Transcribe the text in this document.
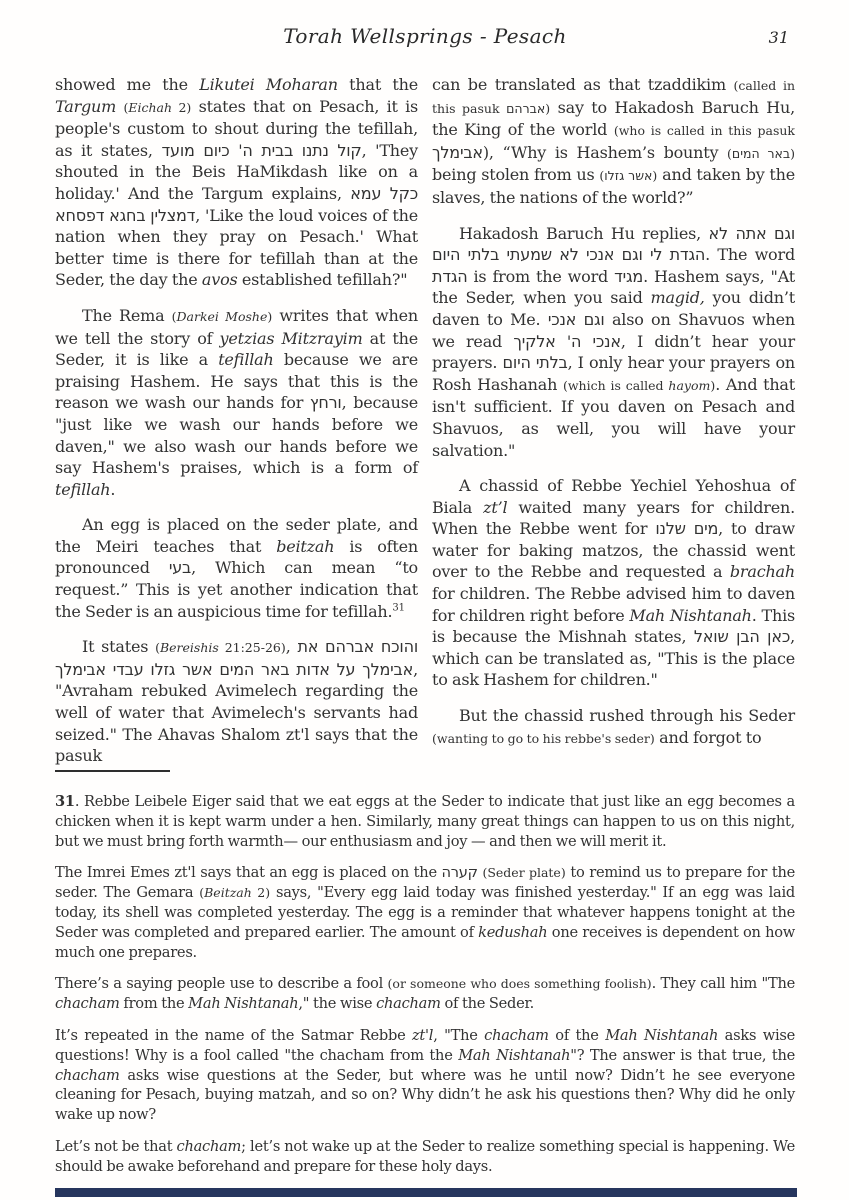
Torah Wellsprings - Pesach	31

showed me the Likutei Moharan that the Targum (Eichah 2) states that on Pesach, it is people's custom to shout during the tefillah, as it states, קול נתנו בבית ה' כיום מועד, 'They shouted in the Beis HaMikdash like on a holiday.' And the Targum explains, כקל עמא דמצלין בחגא דפסחא, 'Like the loud voices of the nation when they pray on Pesach.' What better time is there for tefillah than at the Seder, the day the avos established tefillah?"

The Rema (Darkei Moshe) writes that when we tell the story of yetzias Mitzrayim at the Seder, it is like a tefillah because we are praising Hashem. He says that this is the reason we wash our hands for ורחץ, because "just like we wash our hands before we daven," we also wash our hands before we say Hashem's praises, which is a form of tefillah.

An egg is placed on the seder plate, and the Meiri teaches that beitzah is often pronounced בעי, Which can mean “to request.” This is yet another indication that the Seder is an auspicious time for tefillah.$^{31}$

It states (Bereishis 21:25-26), והוכח אברהם את אבימלך על אדות באר המים אשר גזלו עבדי אבימלך, "Avraham rebuked Avimelech regarding the well of water that Avimelech's servants had seized." The Ahavas Shalom zt'l says that the pasuk

can be translated as that tzaddikim (called in this pasuk אברהם) say to Hakadosh Baruch Hu, the King of the world (who is called in this pasuk אבימלך), “Why is Hashem’s bounty (באר המים) being stolen from us (אשר גזלו) and taken by the slaves, the nations of the world?”

Hakadosh Baruch Hu replies, וגם אתה לא הגדת לי וגם אנכי לא שמעתי בלתי היום. The word הגדת is from the word מגיד. Hashem says, "At the Seder, when you said magid, you didn’t daven to Me. וגם אנכי also on Shavuos when we read אנכי ה' אלקיך, I didn’t hear your prayers. בלתי היום, I only hear your prayers on Rosh Hashanah (which is called hayom). And that isn't sufficient. If you daven on Pesach and Shavuos, as well, you will have your salvation."

A chassid of Rebbe Yechiel Yehoshua of Biala zt’l waited many years for children. When the Rebbe went for מים שלנו, to draw water for baking matzos, the chassid went over to the Rebbe and requested a brachah for children. The Rebbe advised him to daven for children right before Mah Nishtanah. This is because the Mishnah states, כאן הבן שואל, which can be translated as, "This is the place to ask Hashem for children."

But the chassid rushed through his Seder (wanting to go to his rebbe's seder) and forgot to

31. Rebbe Leibele Eiger said that we eat eggs at the Seder to indicate that just like an egg becomes a chicken when it is kept warm under a hen. Similarly, many great things can happen to us on this night, but we must bring forth warmth— our enthusiasm and joy — and then we will merit it.

The Imrei Emes zt'l says that an egg is placed on the קערה (Seder plate) to remind us to prepare for the seder. The Gemara (Beitzah 2) says, "Every egg laid today was finished yesterday." If an egg was laid today, its shell was completed yesterday. The egg is a reminder that whatever happens tonight at the Seder was completed and prepared earlier. The amount of kedushah one receives is dependent on how much one prepares.

There’s a saying people use to describe a fool (or someone who does something foolish). They call him "The chacham from the Mah Nishtanah," the wise chacham of the Seder.

It’s repeated in the name of the Satmar Rebbe zt'l, "The chacham of the Mah Nishtanah asks wise questions! Why is a fool called "the chacham from the Mah Nishtanah"? The answer is that true, the chacham asks wise questions at the Seder, but where was he until now? Didn’t he see everyone cleaning for Pesach, buying matzah, and so on? Why didn’t he ask his questions then? Why did he only wake up now?

Let’s not be that chacham; let’s not wake up at the Seder to realize something special is happening. We should be awake beforehand and prepare for these holy days.
